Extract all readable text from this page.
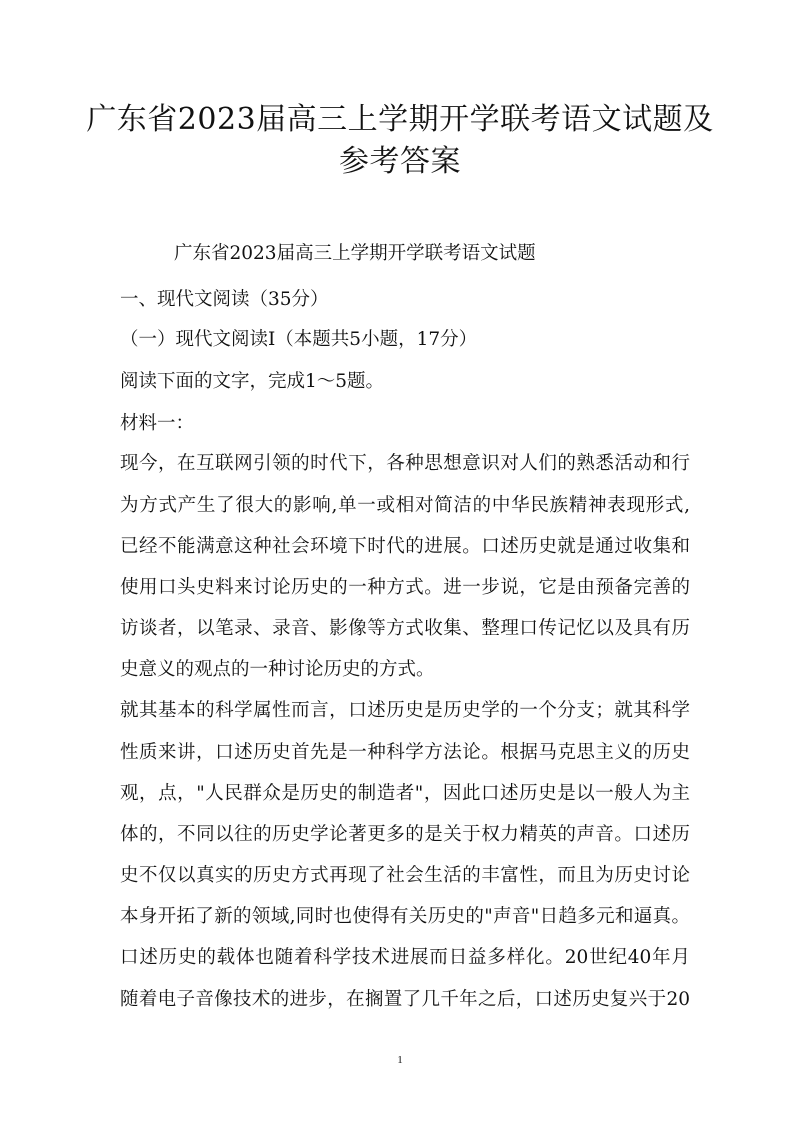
广东省2023届高三上学期开学联考语文试题及
参考答案

广东省2023届高三上学期开学联考语文试题

一、现代文阅读（35分）

（一）现代文阅读Ⅰ（本题共5小题，17分）

阅读下面的文字，完成1～5题。

材料一：

现今，在互联网引领的时代下，各种思想意识对人们的熟悉活动和行

为方式产生了很大的影响,单一或相对简洁的中华民族精神表现形式,

已经不能满意这种社会环境下时代的进展。口述历史就是通过收集和

使用口头史料来讨论历史的一种方式。进一步说，它是由预备完善的

访谈者，以笔录、录音、影像等方式收集、整理口传记忆以及具有历

史意义的观点的一种讨论历史的方式。

就其基本的科学属性而言，口述历史是历史学的一个分支；就其科学

性质来讲，口述历史首先是一种科学方法论。根据马克思主义的历史

观，点，"人民群众是历史的制造者"，因此口述历史是以一般人为主

体的，不同以往的历史学论著更多的是关于权力精英的声音。口述历

史不仅以真实的历史方式再现了社会生活的丰富性，而且为历史讨论

本身开拓了新的领域,同时也使得有关历史的"声音"日趋多元和逼真。

口述历史的载体也随着科学技术进展而日益多样化。20世纪40年月

随着电子音像技术的进步，在搁置了几千年之后，口述历史复兴于20

1
